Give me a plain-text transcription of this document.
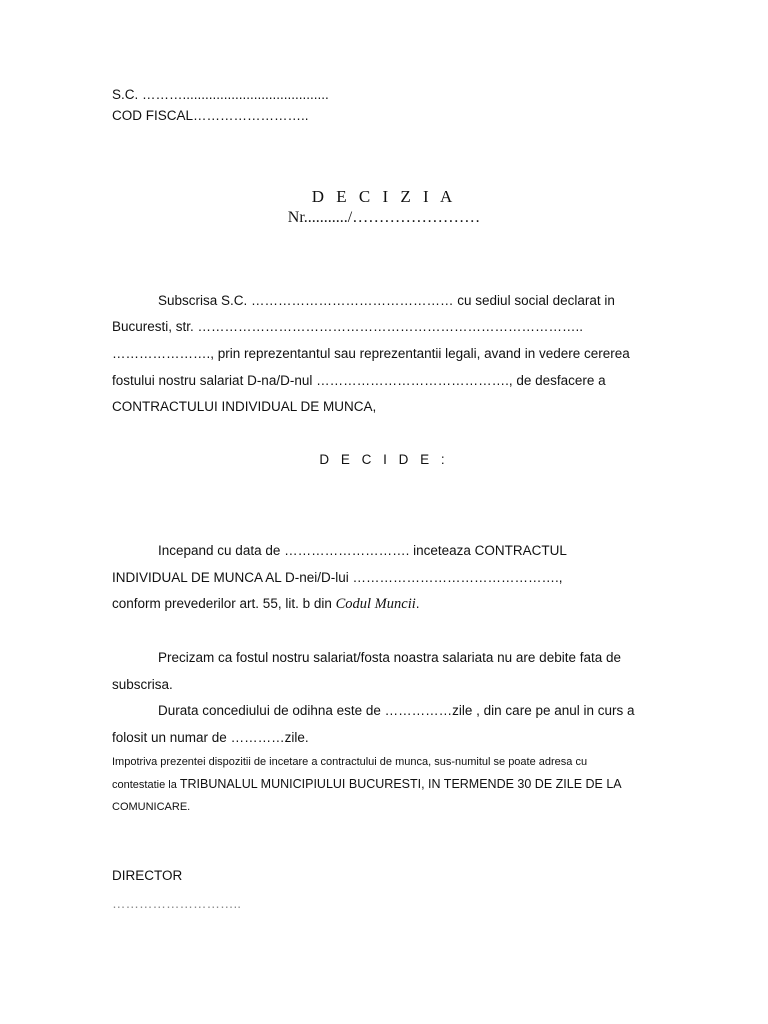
S.C. ……….......................................
COD FISCAL……………………..
D E C I Z I A
Nr.........../……………………
Subscrisa S.C. ……………………………………… cu sediul social declarat in
Bucuresti, str. …………………………………………………………………………..
…………………., prin reprezentantul sau reprezentantii legali, avand in vedere cererea
fostului nostru salariat D-na/D-nul ……………………………………., de desfacere a
CONTRACTULUI INDIVIDUAL DE MUNCA,
D E C I D E :
Incepand cu data de ………………………. inceteaza CONTRACTUL
INDIVIDUAL DE MUNCA AL D-nei/D-lui ……………………………………….,
conform prevederilor art. 55, lit. b din Codul Muncii.
Precizam ca fostul nostru salariat/fosta noastra salariata nu are debite fata de
subscrisa.
Durata concediului de odihna este de ……………zile , din care pe anul in curs a
folosit un numar de …………zile.
Impotriva prezentei dispozitii de incetare a contractului de munca, sus-numitul se poate adresa cu
contestatie la TRIBUNALUL MUNICIPIULUI BUCURESTI, IN TERMENDE 30 DE ZILE DE LA
COMUNICARE.
DIRECTOR
………………………..
